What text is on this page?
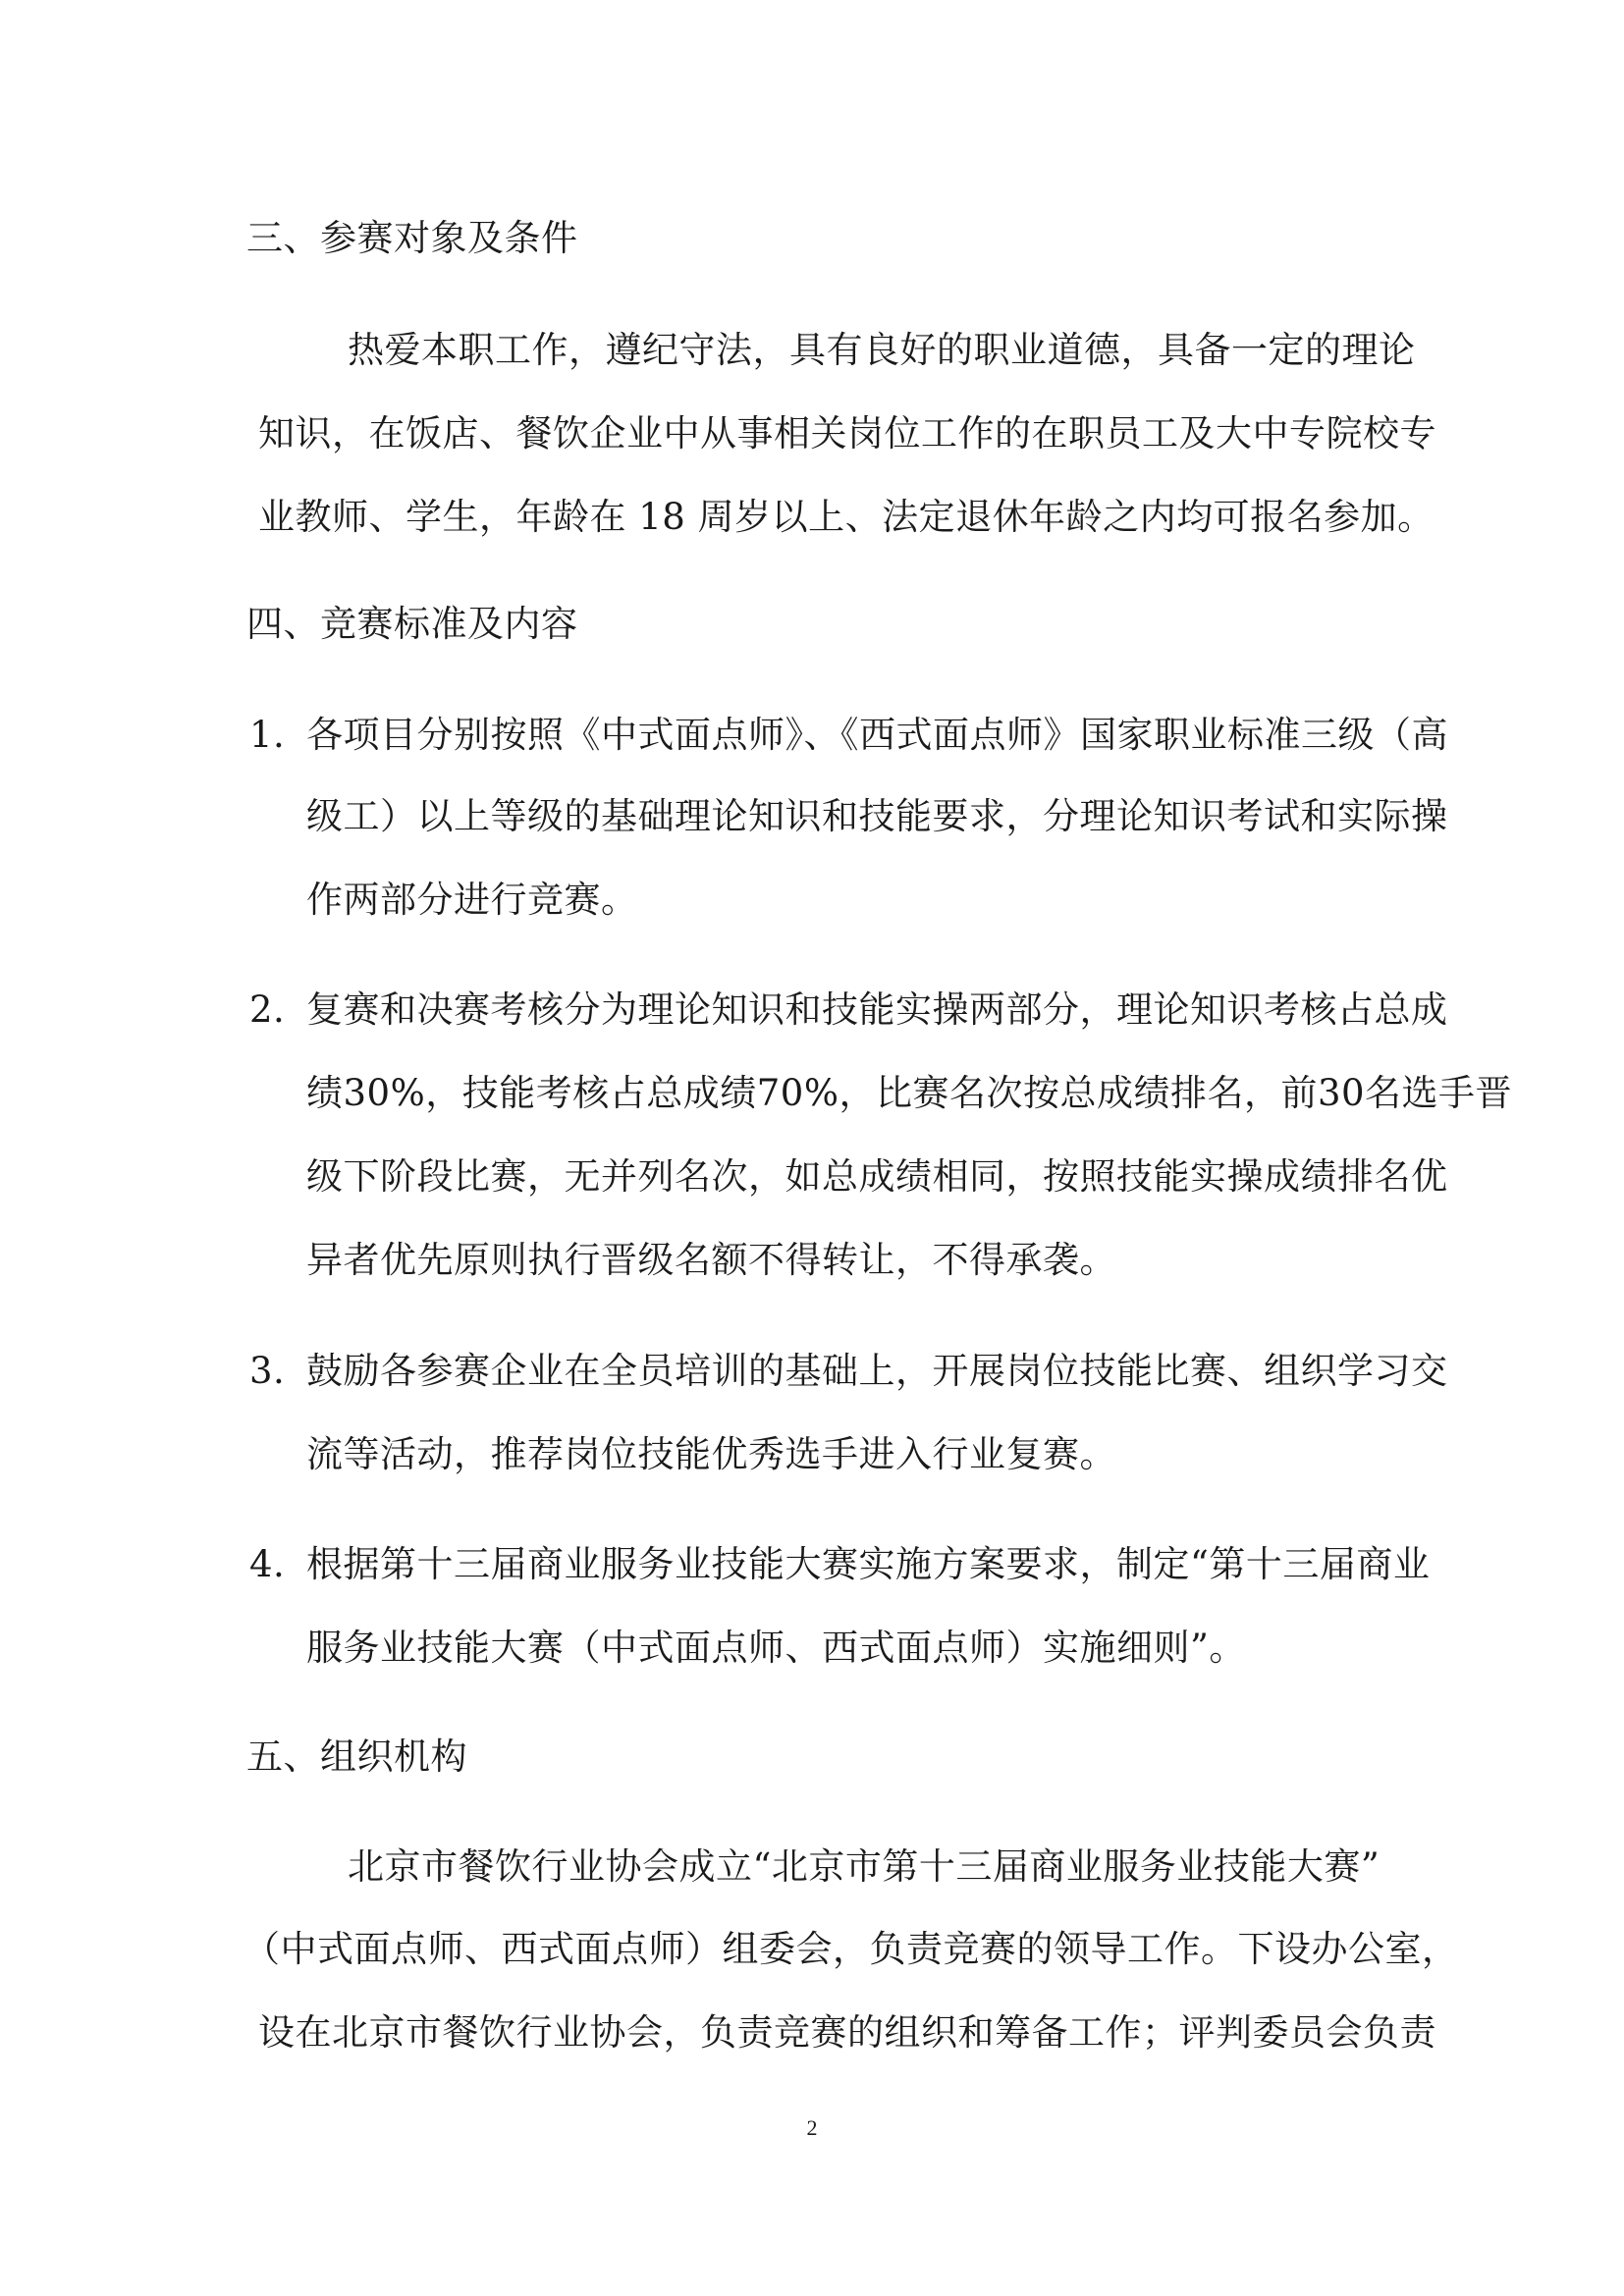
三、参赛对象及条件
热爱本职工作，遵纪守法，具有良好的职业道德，具备一定的理论
知识，在饭店、餐饮企业中从事相关岗位工作的在职员工及大中专院校专
业教师、学生，年龄在 18 周岁以上、法定退休年龄之内均可报名参加。
四、竞赛标准及内容
1. 各项目分别按照《中式面点师》、《西式面点师》国家职业标准三级（高
级工）以上等级的基础理论知识和技能要求，分理论知识考试和实际操
作两部分进行竞赛。
2. 复赛和决赛考核分为理论知识和技能实操两部分，理论知识考核占总成
绩30%，技能考核占总成绩70%，比赛名次按总成绩排名，前30名选手晋
级下阶段比赛，无并列名次，如总成绩相同，按照技能实操成绩排名优
异者优先原则执行晋级名额不得转让，不得承袭。
3. 鼓励各参赛企业在全员培训的基础上，开展岗位技能比赛、组织学习交
流等活动，推荐岗位技能优秀选手进入行业复赛。
4. 根据第十三届商业服务业技能大赛实施方案要求，制定“第十三届商业
服务业技能大赛（中式面点师、西式面点师）实施细则”。
五、组织机构
北京市餐饮行业协会成立“北京市第十三届商业服务业技能大赛”
（中式面点师、西式面点师）组委会，负责竞赛的领导工作。下设办公室，
设在北京市餐饮行业协会，负责竞赛的组织和筹备工作；评判委员会负责
2
